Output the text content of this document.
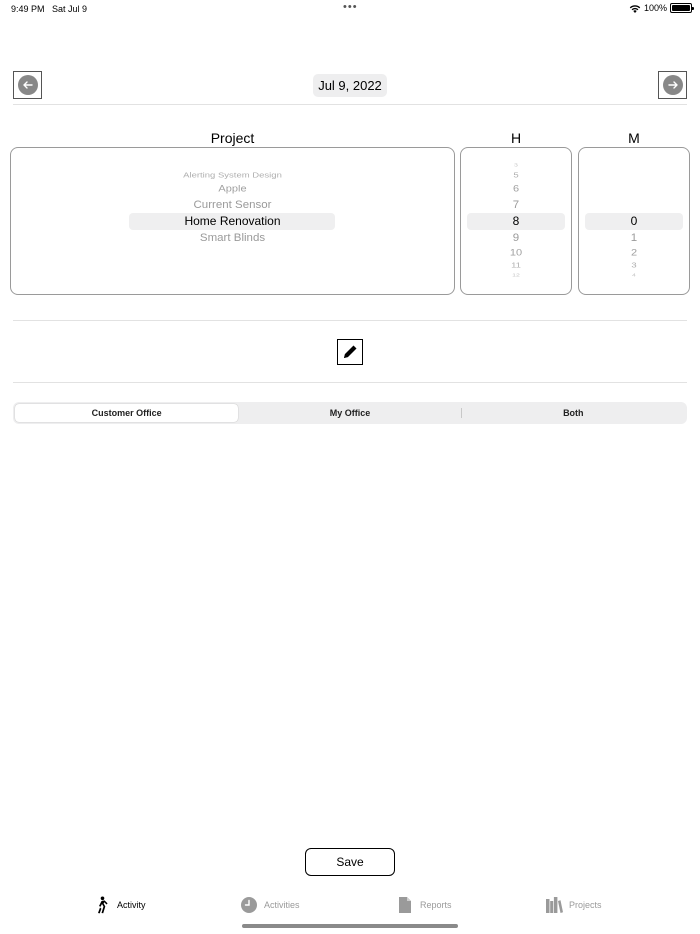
9:49 PM Sat Jul 9	•••	100%
Jul 9, 2022
Project	H	M
Alerting System Design
Apple
Current Sensor
Home Renovation
Smart Blinds
3
5
6
7
8
9
10
11
12
0
1
2
3
4
Customer Office	My Office	Both
Save
Activity	Activities	Reports	Projects
